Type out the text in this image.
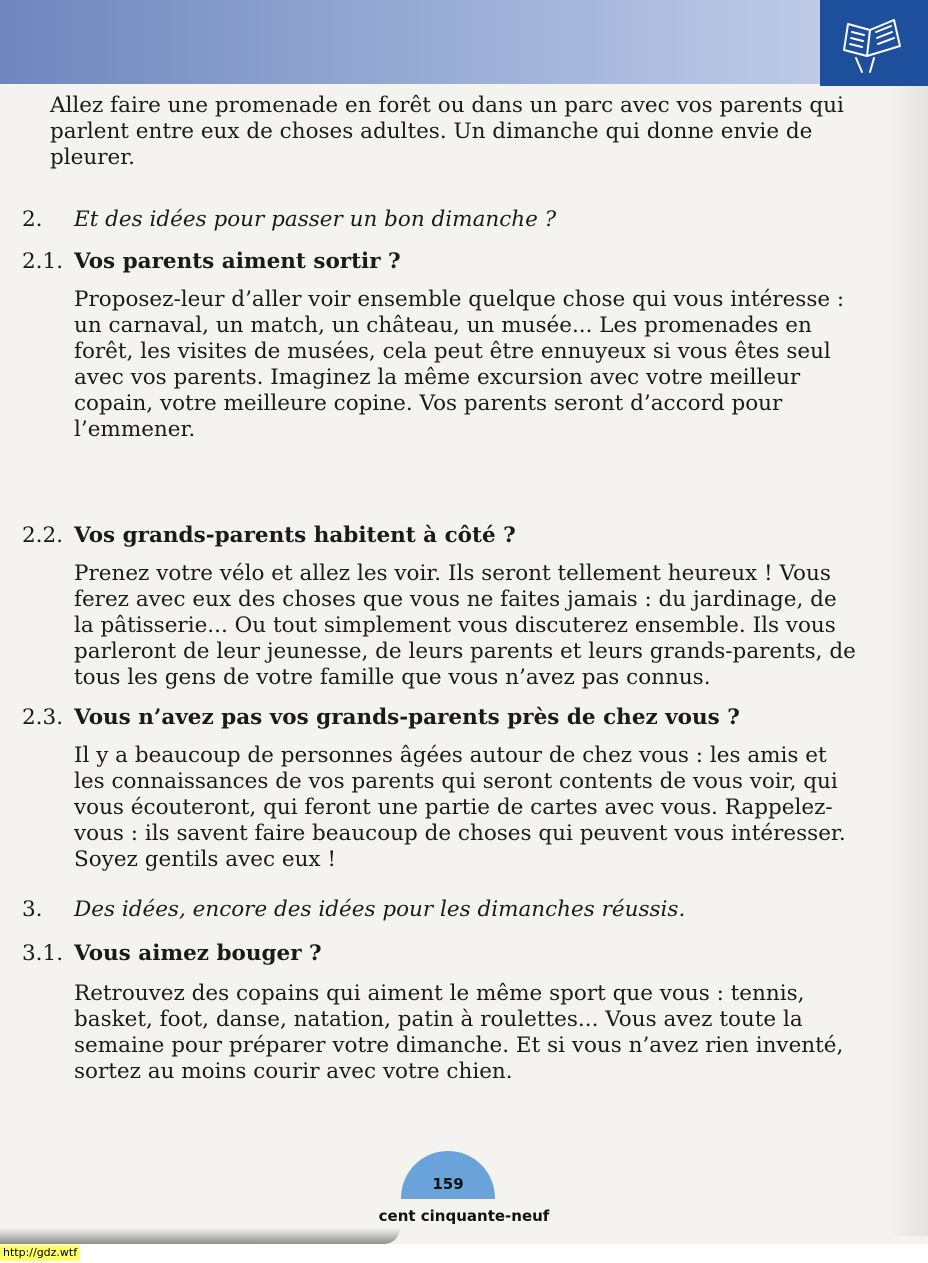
Allez faire une promenade en forêt ou dans un parc avec vos parents qui parlent entre eux de choses adultes. Un dimanche qui donne envie de pleurer.

2.	Et des idées pour passer un bon dimanche ?
2.1. Vos parents aiment sortir ?

Proposez-leur d’aller voir ensemble quelque chose qui vous intéresse : un carnaval, un match, un château, un musée... Les promenades en forêt, les visites de musées, cela peut être ennuyeux si vous êtes seul avec vos parents. Imaginez la même excursion avec votre meilleur copain, votre meilleure copine. Vos parents seront d’accord pour l’emmener.

2.2. Vos grands-parents habitent à côté ?

Prenez votre vélo et allez les voir. Ils seront tellement heureux ! Vous ferez avec eux des choses que vous ne faites jamais : du jardinage, de la pâtisserie... Ou tout simplement vous discuterez ensemble. Ils vous parleront de leur jeunesse, de leurs parents et leurs grands-parents, de tous les gens de votre famille que vous n’avez pas connus.

2.3. Vous n’avez pas vos grands-parents près de chez vous ?

Il y a beaucoup de personnes âgées autour de chez vous : les amis et les connaissances de vos parents qui seront contents de vous voir, qui vous écouteront, qui feront une partie de cartes avec vous. Rappelez-vous : ils savent faire beaucoup de choses qui peuvent vous intéresser. Soyez gentils avec eux !

3.	Des idées, encore des idées pour les dimanches réussis.
3.1. Vous aimez bouger ?

Retrouvez des copains qui aiment le même sport que vous : tennis, basket, foot, danse, natation, patin à roulettes... Vous avez toute la semaine pour préparer votre dimanche. Et si vous n’avez rien inventé, sortez au moins courir avec votre chien.

159
cent cinquante-neuf
http://gdz.wtf
